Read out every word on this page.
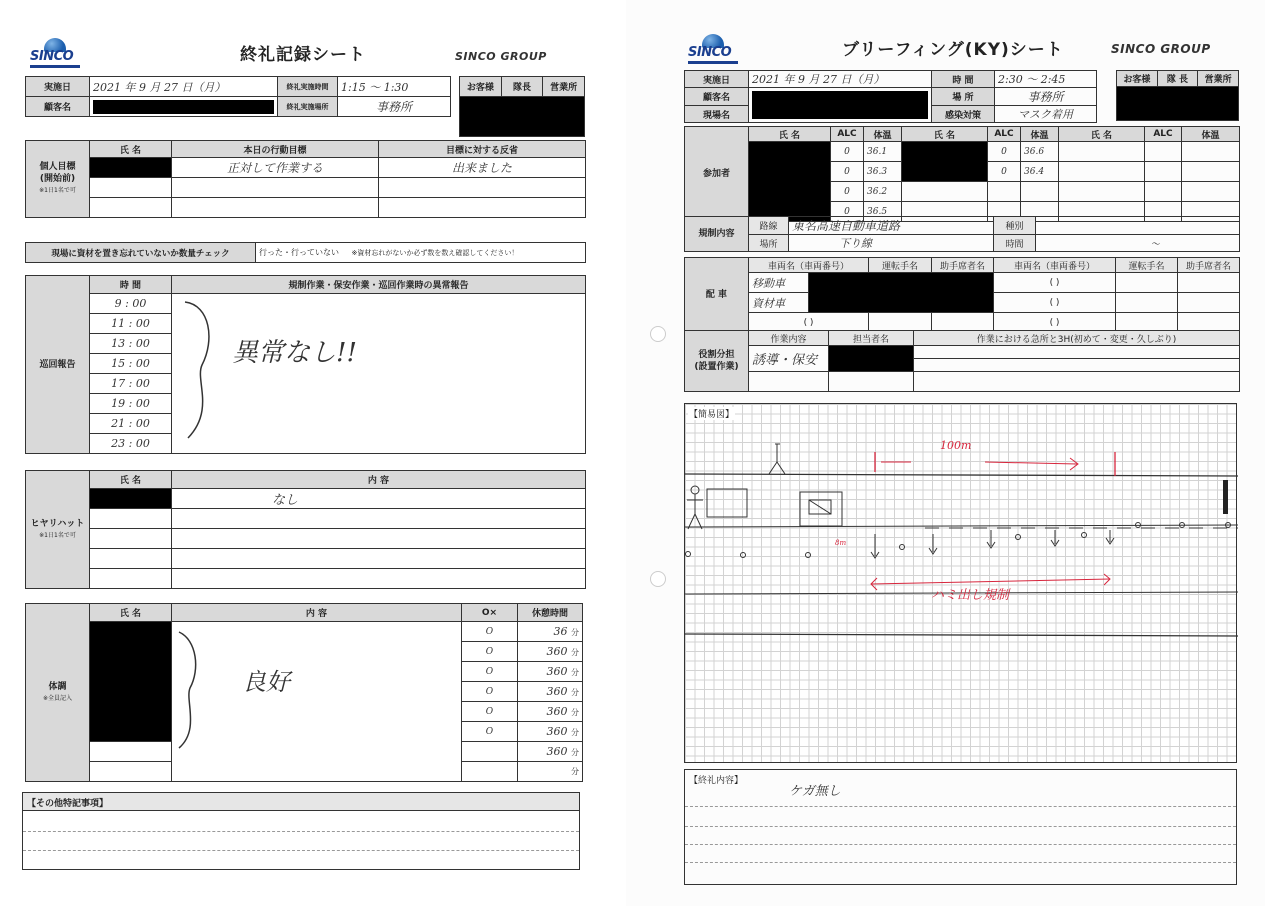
SINCO	終礼記録シート	SINCO GROUP
実施日	2021 年 9 月 27 日（月）	終礼実施時間	1:15 〜 1:30
顧客名		終礼実施場所	事務所
お客様	隊長	営業所

個人目標
(開始前)
※1日1名で可	氏 名	本日の行動目標	目標に対する反省
		正対して作業する	出来ました

現場に資材を置き忘れていないか数量チェック	行った・行っていない ※資材忘れがないか必ず数を数え確認してください！
巡回報告	時 間	規制作業・保安作業・巡回作業時の異常報告
	9 : 00	異常なし!!
	11 : 00	
	13 : 00	
	15 : 00	
	17 : 00	
	19 : 00	
	21 : 00	
	23 : 00	
ヒヤリハット
※1日1名で可	氏 名	内 容
		なし

体調
※全員記入	氏 名	内 容	O×	休憩時間
		良好	O	36 分
			O	360 分
			O	360 分
			O	360 分
			O	360 分
			O	360 分
				360 分
				分
【その他特記事項】
SINCO	ブリーフィング(KY)シート	SINCO GROUP
実施日	2021 年 9 月 27 日（月）	時 間	2:30 〜 2:45
顧客名		場 所	事務所
現場名		感染対策	マスク着用
お客様	隊 長	営業所

参加者	氏 名	ALC	体温	氏 名	ALC	体温	氏 名	ALC	体温
		0	36.1		0	36.6			
		0	36.3		0	36.4			
		0	36.2						
		0	36.5						
規制内容	路線	東名高速自動車道路	種別	
	場所	下り線	時間	〜
配 車	車両名（車両番号）		運転手名	助手席者名	車両名（車両番号）	運転手名	助手席者名
	移動車				( )		
	資材車				( )		
	( )				( )		
役割分担
(設置作業)	作業内容	担当者名	作業における急所と3H(初めて・変更・久しぶり)
	誘導・保安		

【簡易図】
100m
ハミ出し規制
8m
【終礼内容】
ケガ無し
